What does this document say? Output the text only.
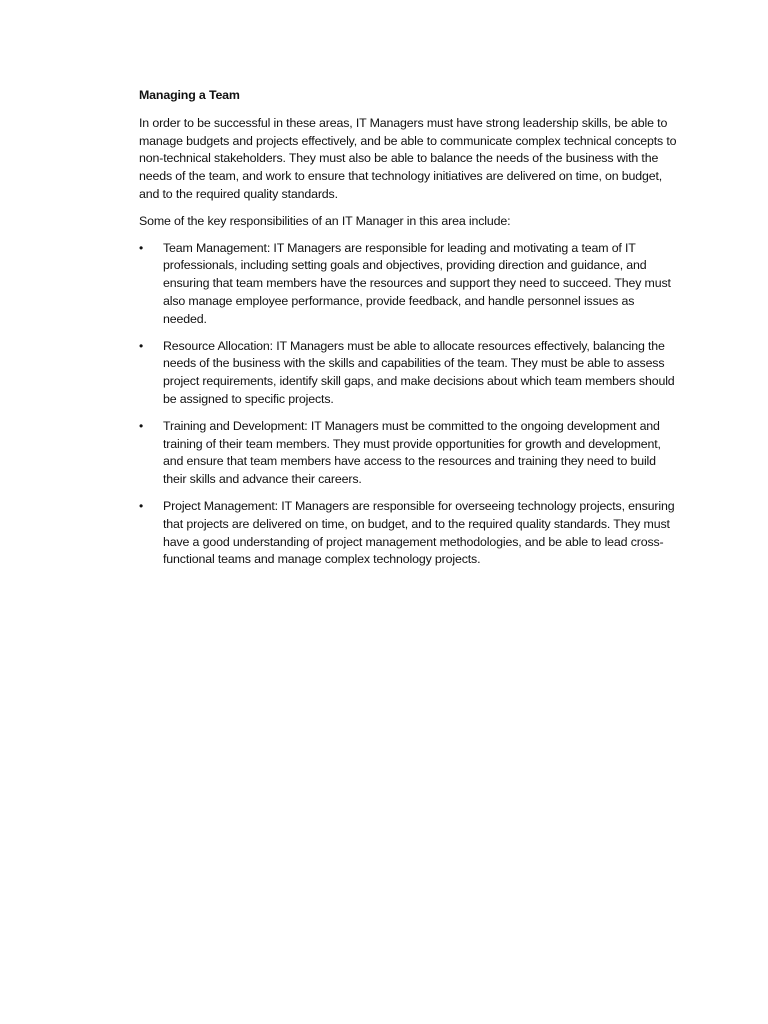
Managing a Team

In order to be successful in these areas, IT Managers must have strong leadership skills, be able to manage budgets and projects effectively, and be able to communicate complex technical concepts to non-technical stakeholders. They must also be able to balance the needs of the business with the needs of the team, and work to ensure that technology initiatives are delivered on time, on budget, and to the required quality standards.

Some of the key responsibilities of an IT Manager in this area include:

•	Team Management: IT Managers are responsible for leading and motivating a team of IT professionals, including setting goals and objectives, providing direction and guidance, and ensuring that team members have the resources and support they need to succeed. They must also manage employee performance, provide feedback, and handle personnel issues as needed.
•	Resource Allocation: IT Managers must be able to allocate resources effectively, balancing the needs of the business with the skills and capabilities of the team. They must be able to assess project requirements, identify skill gaps, and make decisions about which team members should be assigned to specific projects.
•	Training and Development: IT Managers must be committed to the ongoing development and training of their team members. They must provide opportunities for growth and development, and ensure that team members have access to the resources and training they need to build their skills and advance their careers.
•	Project Management: IT Managers are responsible for overseeing technology projects, ensuring that projects are delivered on time, on budget, and to the required quality standards. They must have a good understanding of project management methodologies, and be able to lead cross-functional teams and manage complex technology projects.
